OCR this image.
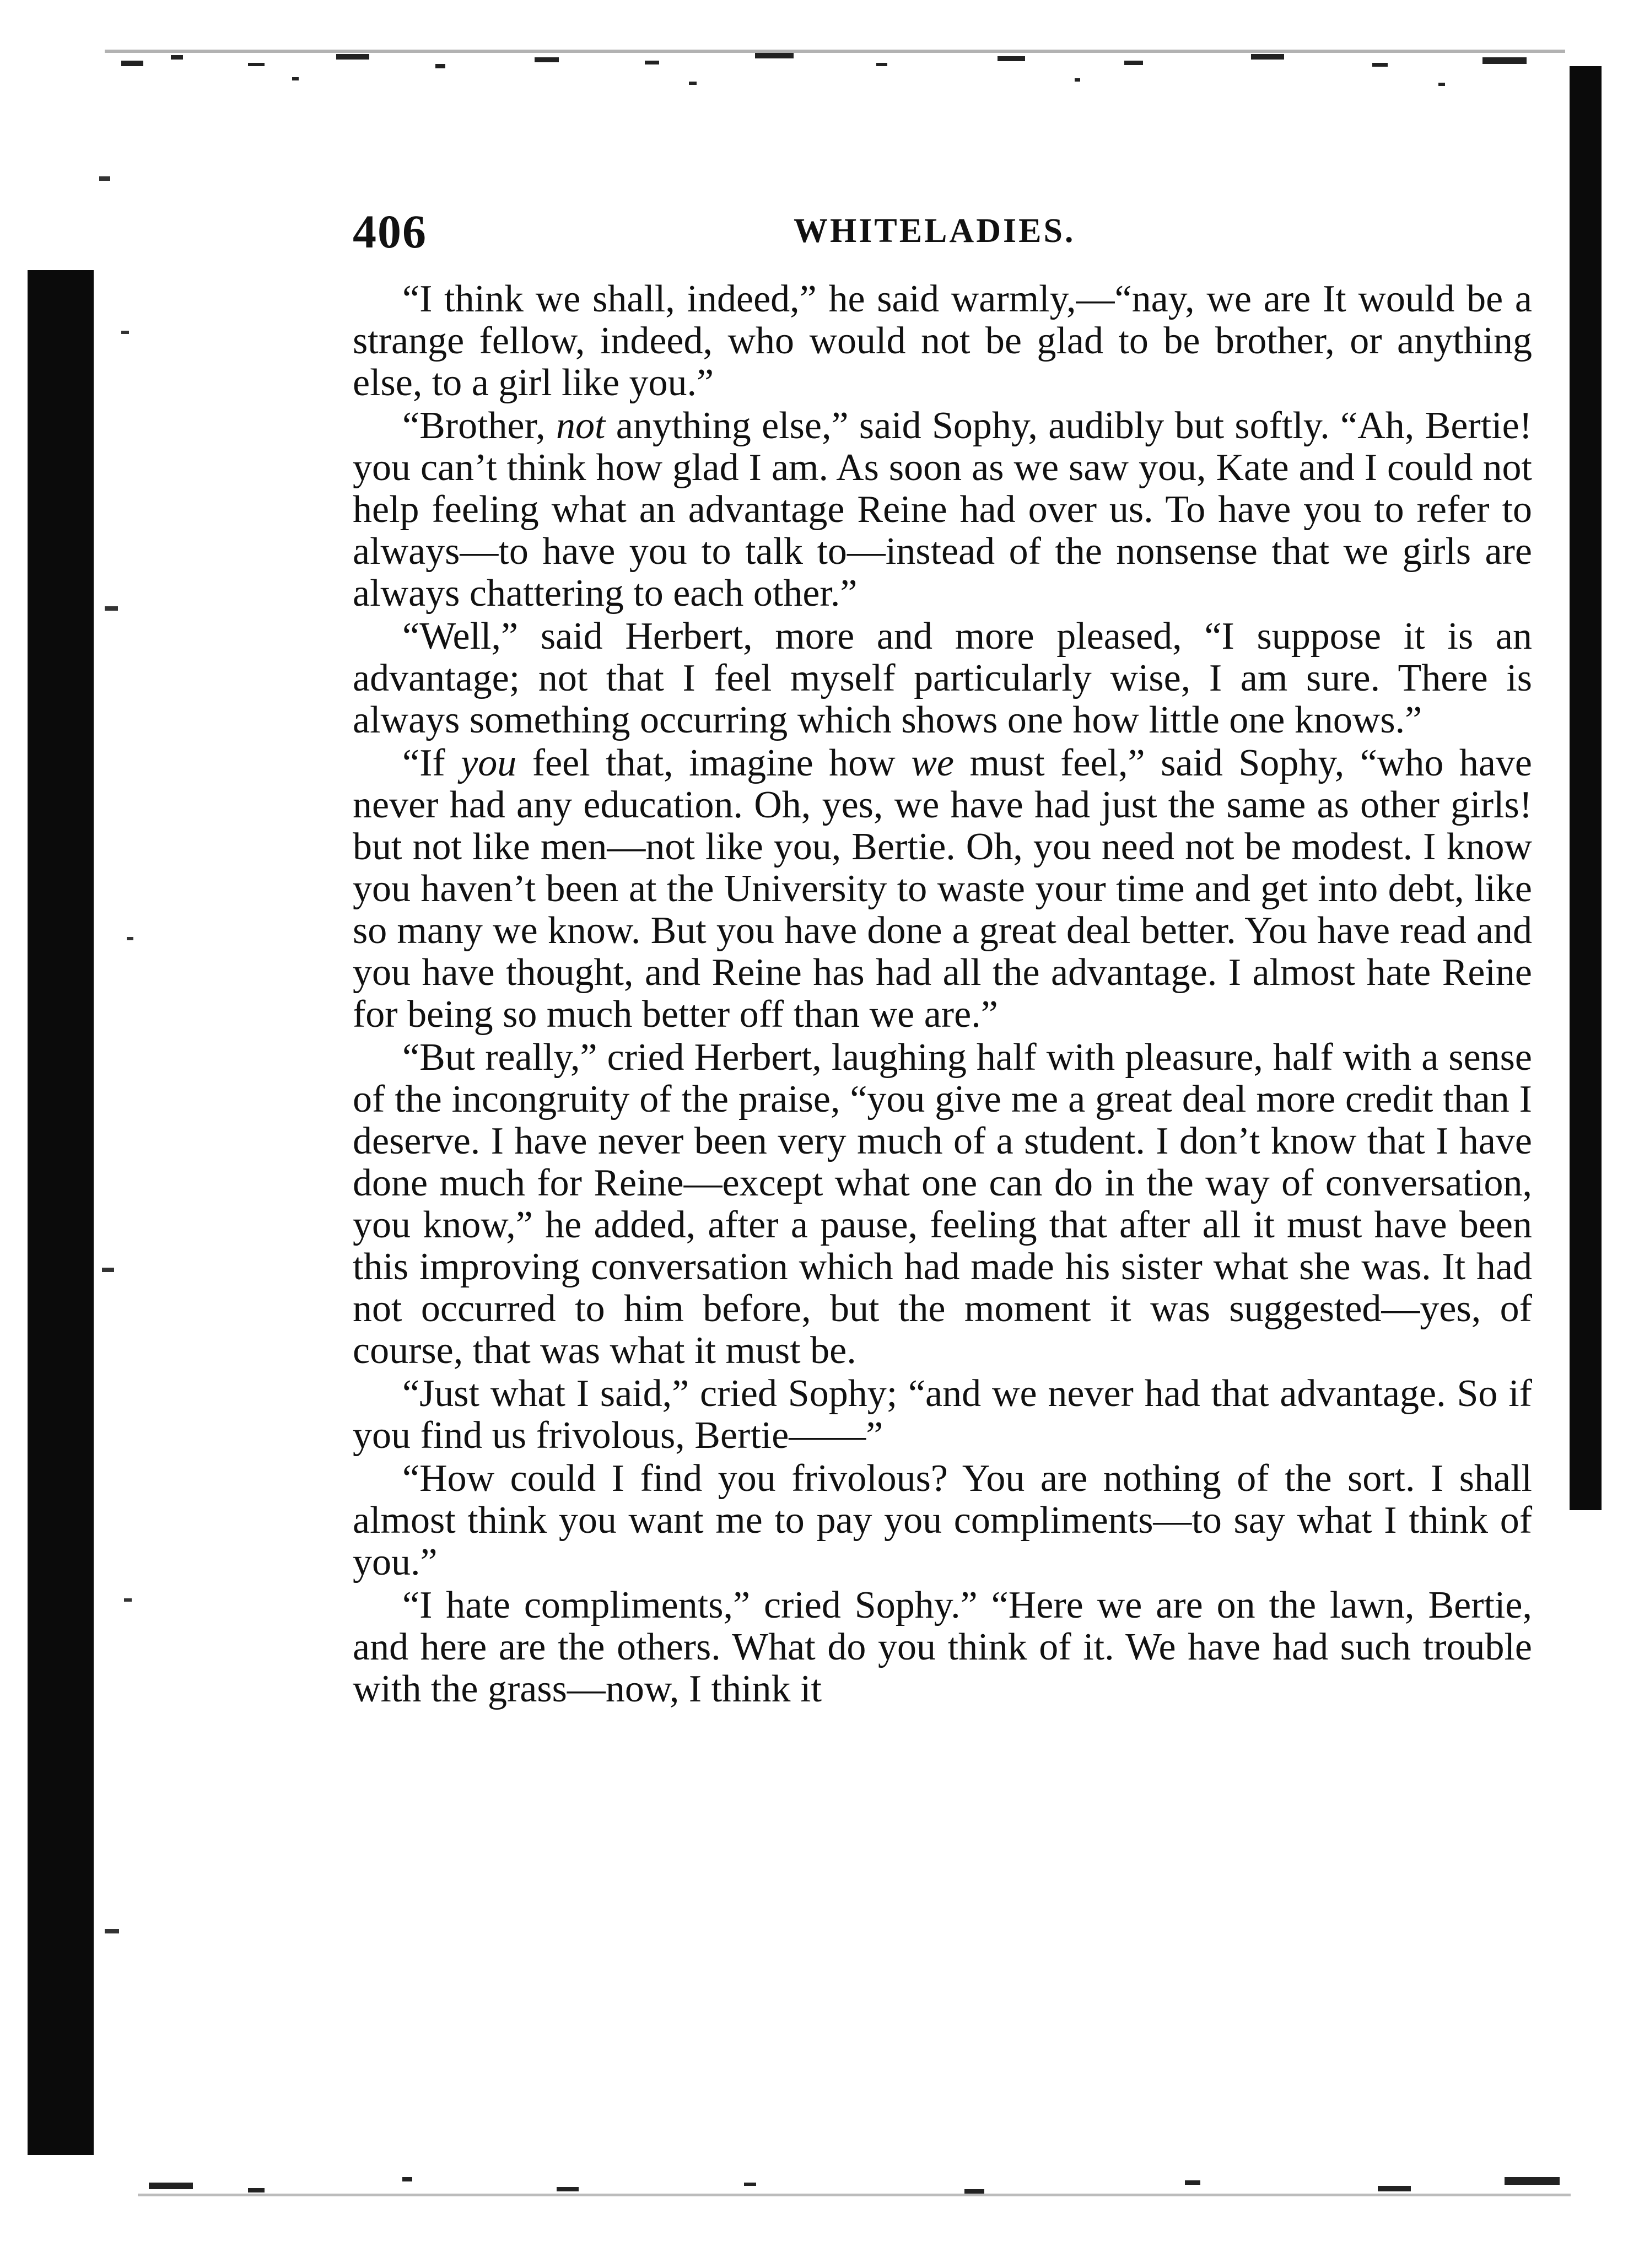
406	WHITELADIES.

“I think we shall, indeed,” he said warmly,—“nay, we are It would be a strange fellow, indeed, who would not be glad to be brother, or anything else, to a girl like you.”

“Brother, not anything else,” said Sophy, audibly but softly. “Ah, Bertie! you can’t think how glad I am. As soon as we saw you, Kate and I could not help feeling what an advantage Reine had over us. To have you to refer to always—to have you to talk to—instead of the nonsense that we girls are always chattering to each other.”

“Well,” said Herbert, more and more pleased, “I suppose it is an advantage; not that I feel myself particularly wise, I am sure. There is always something occurring which shows one how little one knows.”

“If you feel that, imagine how we must feel,” said Sophy, “who have never had any education. Oh, yes, we have had just the same as other girls! but not like men—not like you, Bertie. Oh, you need not be modest. I know you haven’t been at the University to waste your time and get into debt, like so many we know. But you have done a great deal better. You have read and you have thought, and Reine has had all the advantage. I almost hate Reine for being so much better off than we are.”

“But really,” cried Herbert, laughing half with pleasure, half with a sense of the incongruity of the praise, “you give me a great deal more credit than I deserve. I have never been very much of a student. I don’t know that I have done much for Reine—except what one can do in the way of conversation, you know,” he added, after a pause, feeling that after all it must have been this improving conversation which had made his sister what she was. It had not occurred to him before, but the moment it was suggested—yes, of course, that was what it must be.

“Just what I said,” cried Sophy; “and we never had that advantage. So if you find us frivolous, Bertie——”

“How could I find you frivolous? You are nothing of the sort. I shall almost think you want me to pay you compliments—to say what I think of you.”

“I hate compliments,” cried Sophy.” “Here we are on the lawn, Bertie, and here are the others. What do you think of it. We have had such trouble with the grass—now, I think it
